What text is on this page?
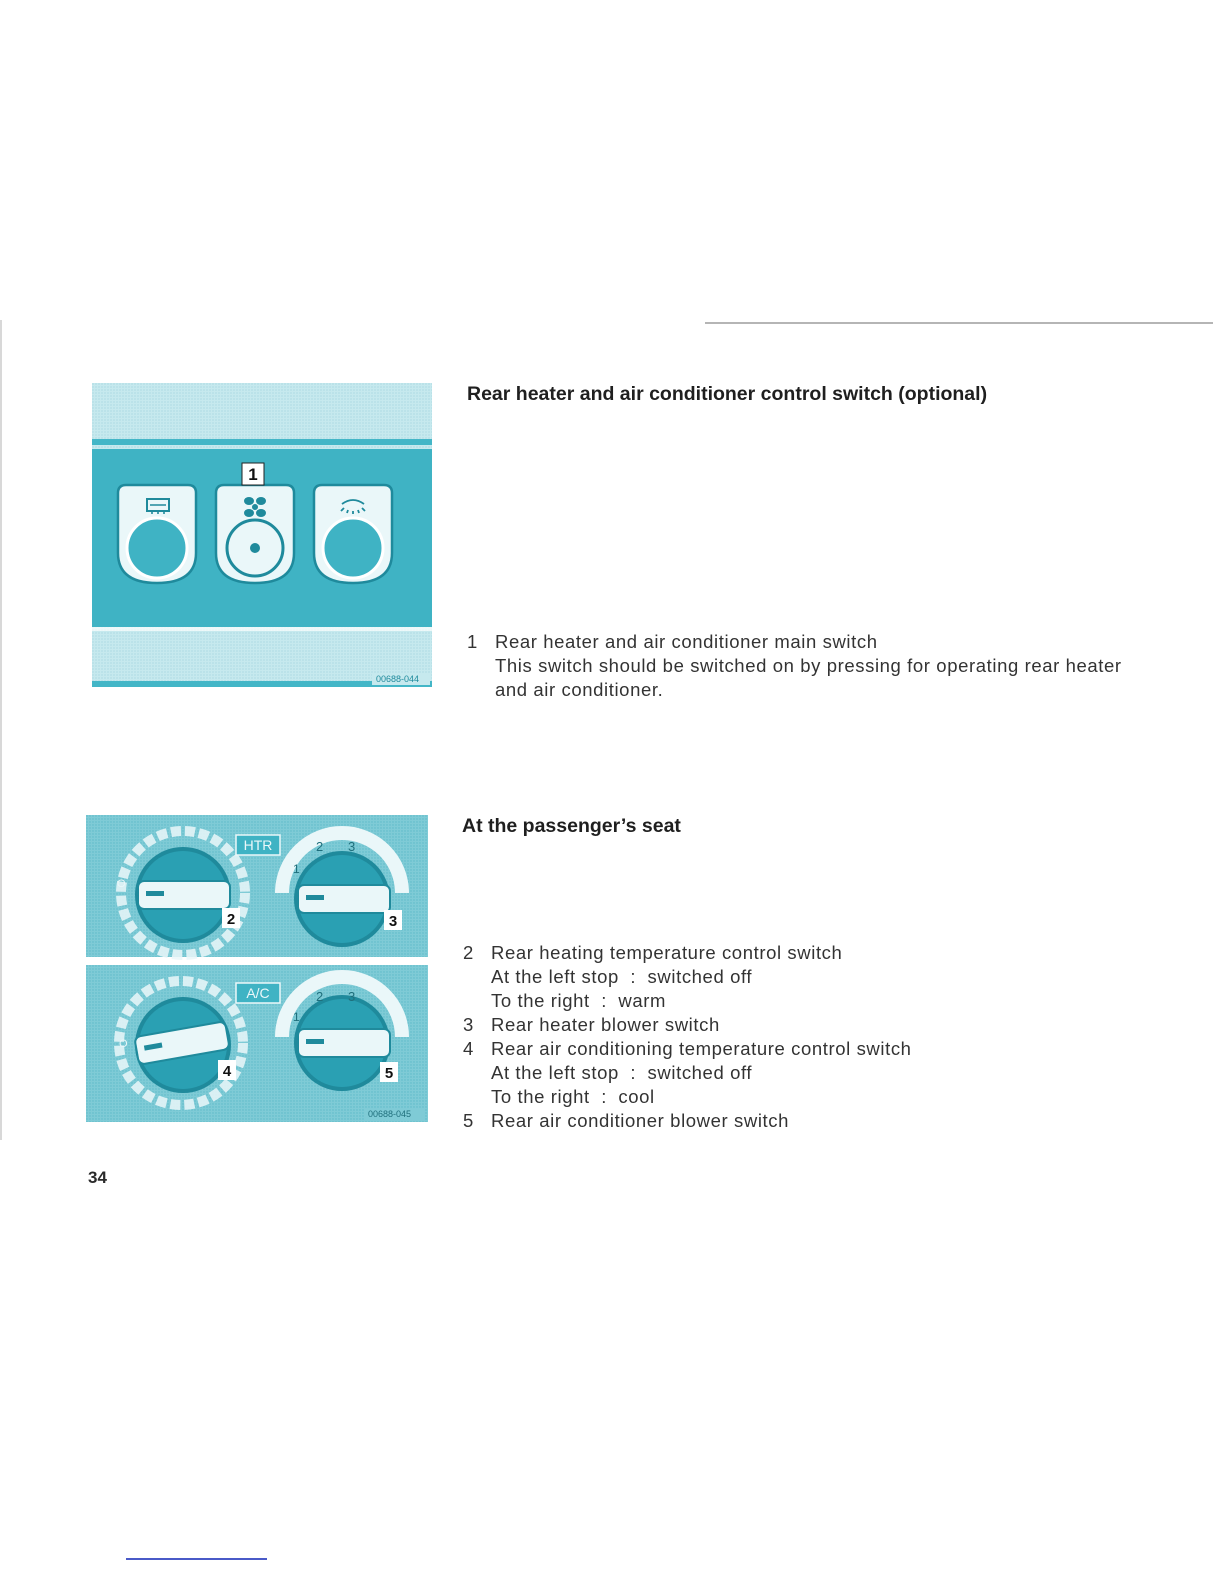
1
00688-044
Rear heater and air conditioner control switch (optional)
1 Rear heater and air conditioner main switch
This switch should be switched on by pressing for operating rear heater
and air conditioner.
O
HTR
1
2 3
2	3
O
A/C
1
2 3
4	5
00688-045
At the passenger’s seat
2 Rear heating temperature control switch
At the left stop  :  switched off
To the right  :  warm
3 Rear heater blower switch
4 Rear air conditioning temperature control switch
At the left stop  :  switched off
To the right  :  cool
5 Rear air conditioner blower switch
34
